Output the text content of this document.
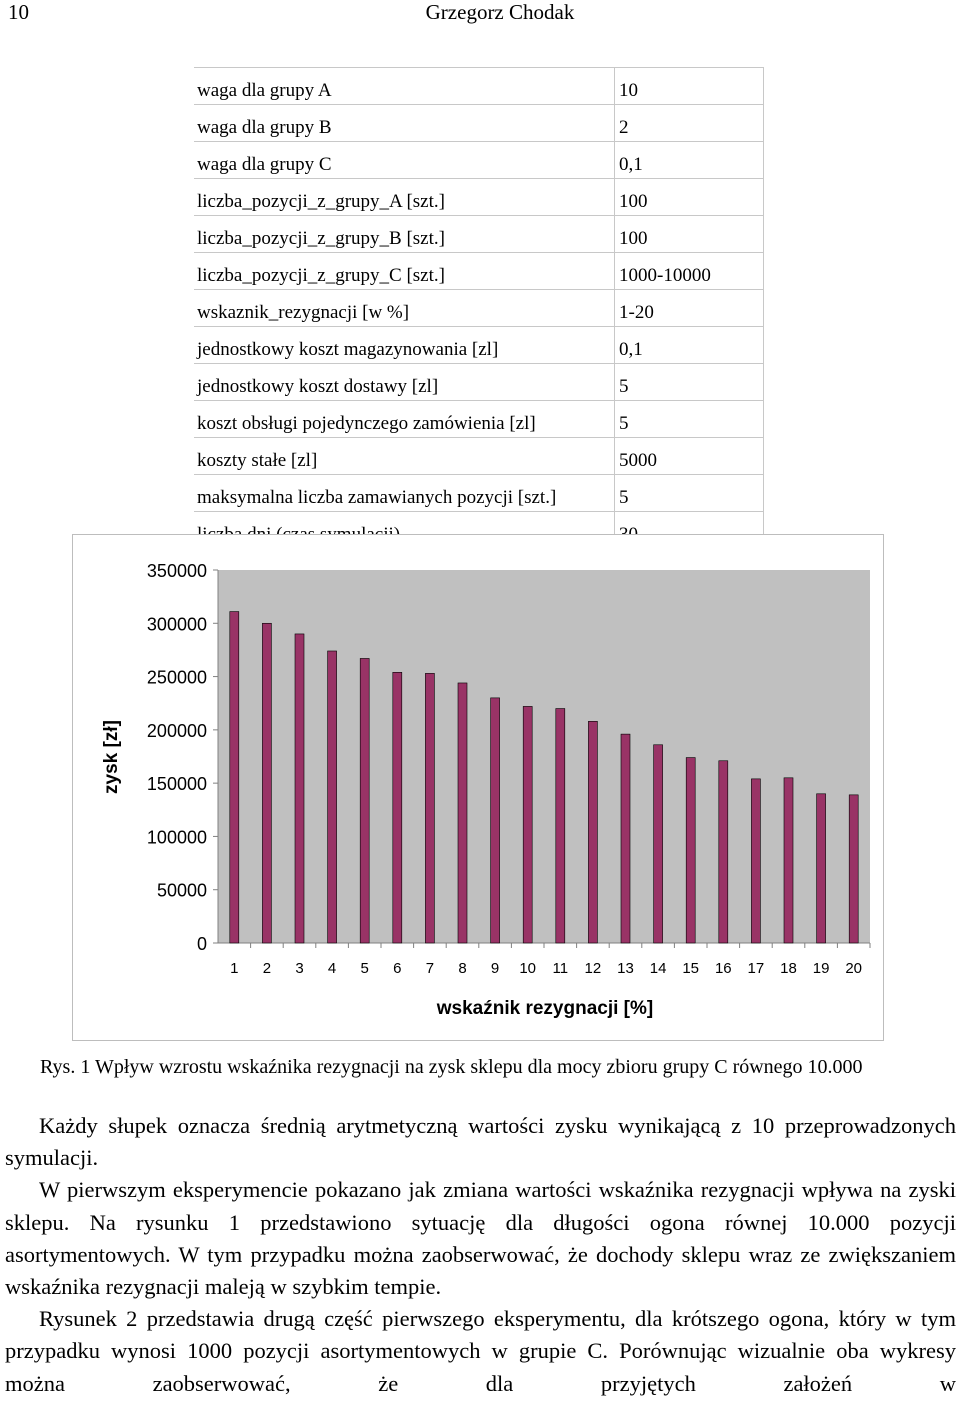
10	Grzegorz Chodak
waga dla grupy A	10
waga dla grupy B	2
waga dla grupy C	0,1
liczba_pozycji_z_grupy_A [szt.]	100
liczba_pozycji_z_grupy_B [szt.]	100
liczba_pozycji_z_grupy_C [szt.]	1000-10000
wskaznik_rezygnacji [w %]	1-20
jednostkowy koszt magazynowania [zl]	0,1
jednostkowy koszt dostawy [zl]	5
koszt obsługi pojedynczego zamówienia [zl]	5
koszty stałe [zl]	5000
maksymalna liczba zamawianych pozycji [szt.]	5

0
50000
100000
150000
200000
250000
300000
350000
1 2 3 4 5 6 7 8 9 10 11 12 13 14 15 16 17 18 19 20
wskaźnik rezygnacji [%]
zysk [zł]
Rys. 1 Wpływ wzrostu wskaźnika rezygnacji na zysk sklepu dla mocy zbioru grupy C równego 10.000

Każdy słupek oznacza średnią arytmetyczną wartości zysku wynikającą z 10 przeprowadzonych symulacji.

W pierwszym eksperymencie pokazano jak zmiana wartości wskaźnika rezygnacji wpływa na zyski sklepu. Na rysunku 1 przedstawiono sytuację dla długości ogona równej 10.000 pozycji asortymentowych. W tym przypadku można zaobserwować, że dochody sklepu wraz ze zwiększaniem wskaźnika rezygnacji maleją w szybkim tempie.

Rysunek 2 przedstawia drugą część pierwszego eksperymentu, dla krótszego ogona, który w tym przypadku wynosi 1000 pozycji asortymentowych w grupie C. Porównując wizualnie oba wykresy można zaobserwować, że dla przyjętych założeń w
